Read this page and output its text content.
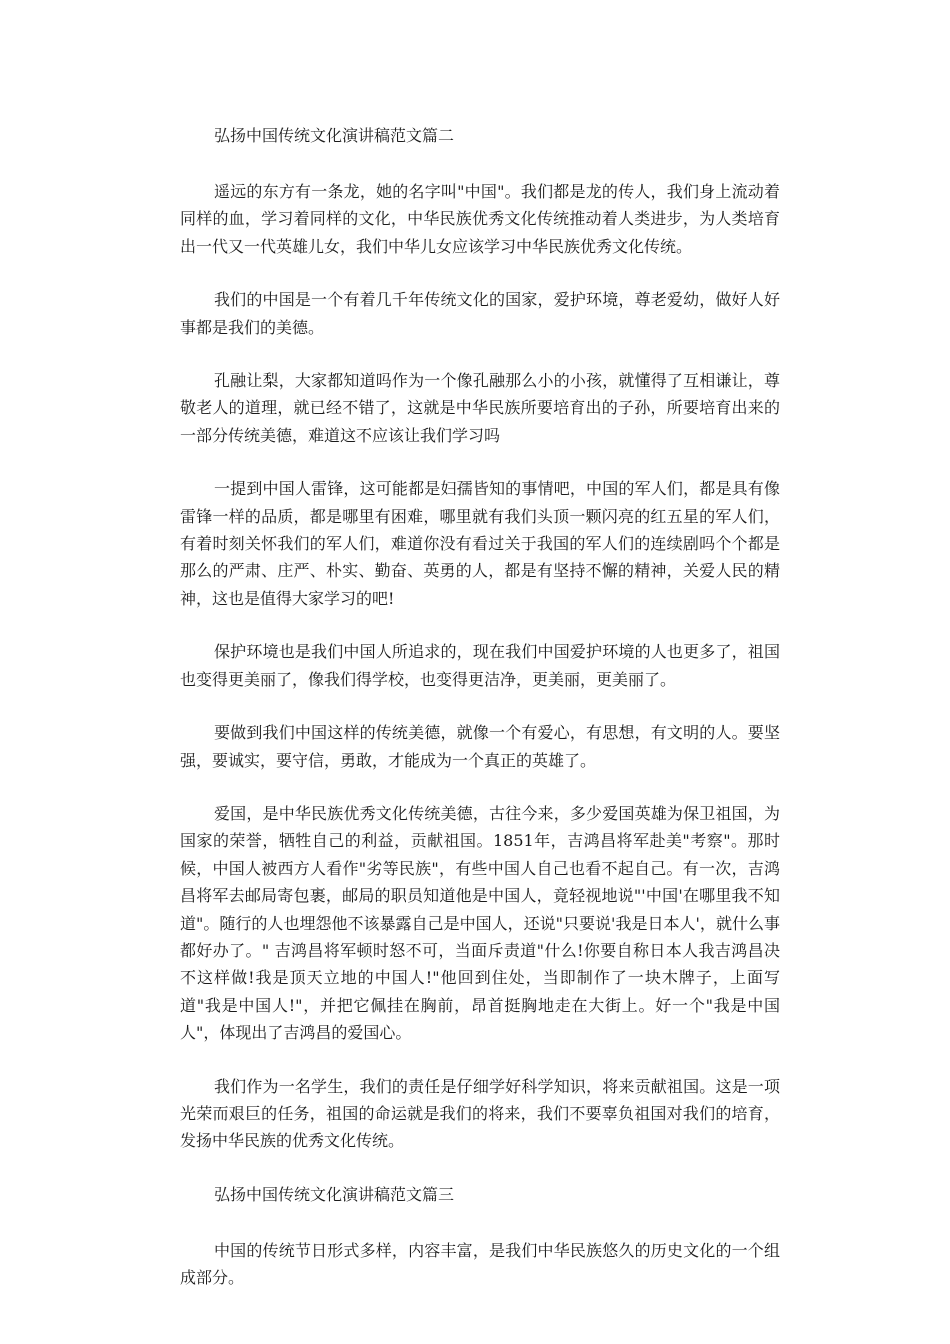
弘扬中国传统文化演讲稿范文篇二

遥远的东方有一条龙，她的名字叫"中国"。我们都是龙的传人，我们身上流动着同样的血，学习着同样的文化，中华民族优秀文化传统推动着人类进步，为人类培育出一代又一代英雄儿女，我们中华儿女应该学习中华民族优秀文化传统。

我们的中国是一个有着几千年传统文化的国家，爱护环境，尊老爱幼，做好人好事都是我们的美德。

孔融让梨，大家都知道吗作为一个像孔融那么小的小孩，就懂得了互相谦让，尊敬老人的道理，就已经不错了，这就是中华民族所要培育出的子孙，所要培育出来的一部分传统美德，难道这不应该让我们学习吗

一提到中国人雷锋，这可能都是妇孺皆知的事情吧，中国的军人们，都是具有像雷锋一样的品质，都是哪里有困难，哪里就有我们头顶一颗闪亮的红五星的军人们，有着时刻关怀我们的军人们，难道你没有看过关于我国的军人们的连续剧吗个个都是那么的严肃、庄严、朴实、勤奋、英勇的人，都是有坚持不懈的精神，关爱人民的精神，这也是值得大家学习的吧!

保护环境也是我们中国人所追求的，现在我们中国爱护环境的人也更多了，祖国也变得更美丽了，像我们得学校，也变得更洁净，更美丽，更美丽了。

要做到我们中国这样的传统美德，就像一个有爱心，有思想，有文明的人。要坚强，要诚实，要守信，勇敢，才能成为一个真正的英雄了。

爱国，是中华民族优秀文化传统美德，古往今来，多少爱国英雄为保卫祖国，为国家的荣誉，牺牲自己的利益，贡献祖国。1851年，吉鸿昌将军赴美"考察"。那时候，中国人被西方人看作"劣等民族"，有些中国人自己也看不起自己。有一次，吉鸿昌将军去邮局寄包裹，邮局的职员知道他是中国人，竟轻视地说"'中国'在哪里我不知道"。随行的人也埋怨他不该暴露自己是中国人，还说"只要说'我是日本人'，就什么事都好办了。" 吉鸿昌将军顿时怒不可，当面斥责道"什么!你要自称日本人我吉鸿昌决不这样做!我是顶天立地的中国人!"他回到住处，当即制作了一块木牌子，上面写道"我是中国人!"，并把它佩挂在胸前，昂首挺胸地走在大街上。好一个"我是中国人"，体现出了吉鸿昌的爱国心。

我们作为一名学生，我们的责任是仔细学好科学知识，将来贡献祖国。这是一项光荣而艰巨的任务，祖国的命运就是我们的将来，我们不要辜负祖国对我们的培育，发扬中华民族的优秀文化传统。

弘扬中国传统文化演讲稿范文篇三

中国的传统节日形式多样，内容丰富，是我们中华民族悠久的历史文化的一个组成部分。
